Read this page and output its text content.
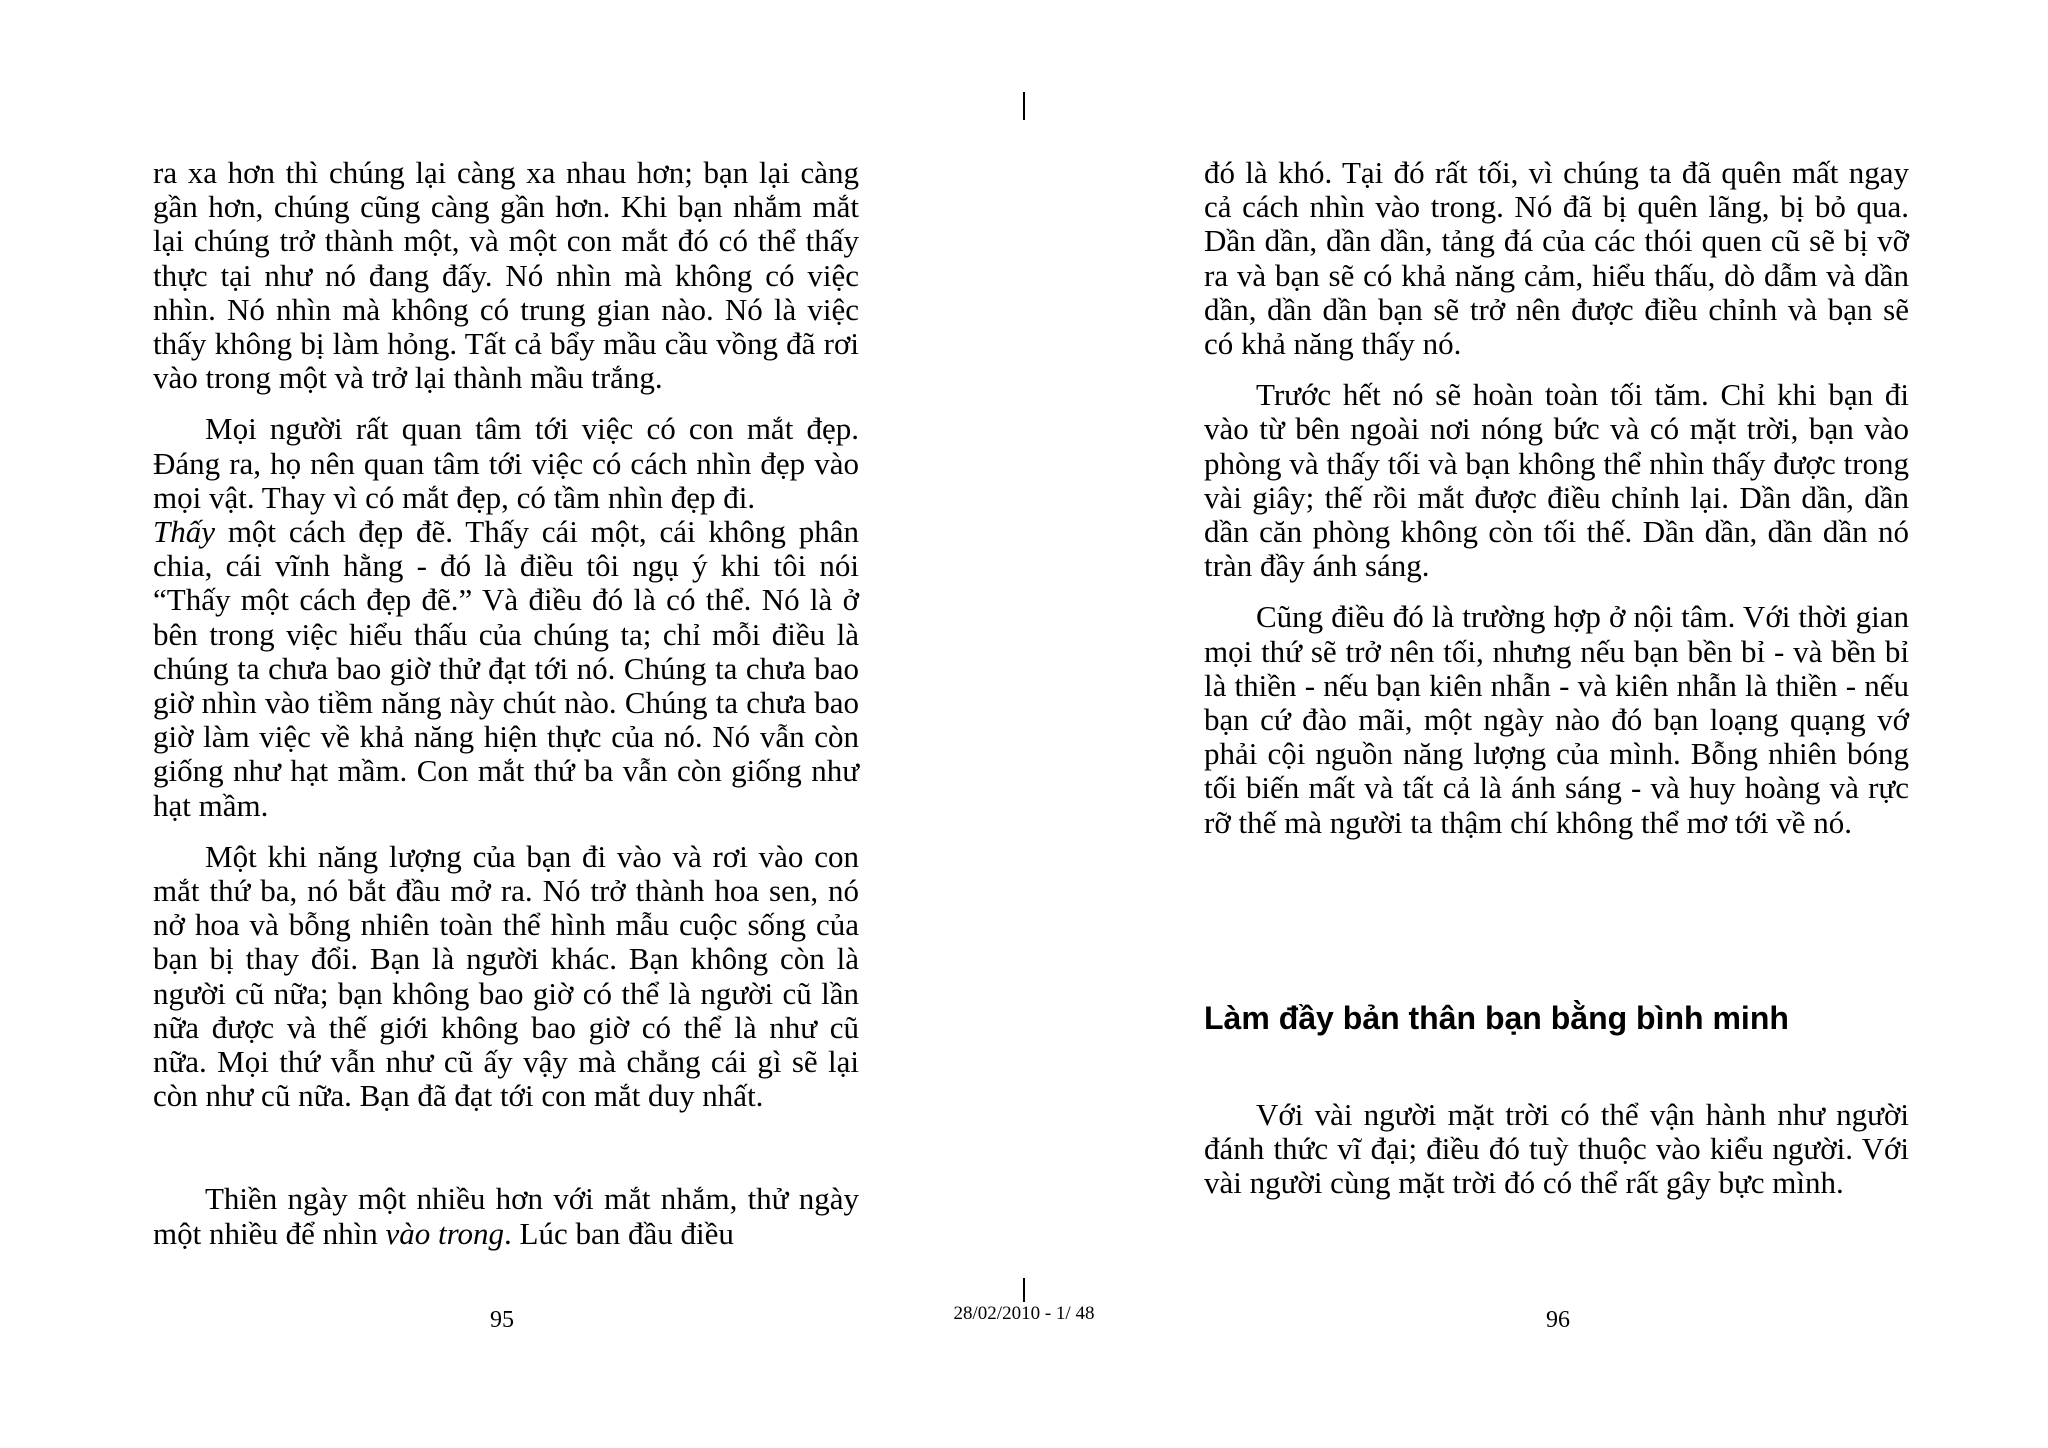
ra xa hơn thì chúng lại càng xa nhau hơn; bạn lại càng gần hơn, chúng cũng càng gần hơn. Khi bạn nhắm mắt lại chúng trở thành một, và một con mắt đó có thể thấy thực tại như nó đang đấy. Nó nhìn mà không có việc nhìn. Nó nhìn mà không có trung gian nào. Nó là việc thấy không bị làm hỏng. Tất cả bẩy mầu cầu vồng đã rơi vào trong một và trở lại thành mầu trắng.

Mọi người rất quan tâm tới việc có con mắt đẹp. Đáng ra, họ nên quan tâm tới việc có cách nhìn đẹp vào mọi vật. Thay vì có mắt đẹp, có tầm nhìn đẹp đi.
Thấy một cách đẹp đẽ. Thấy cái một, cái không phân chia, cái vĩnh hằng - đó là điều tôi ngụ ý khi tôi nói “Thấy một cách đẹp đẽ.” Và điều đó là có thể. Nó là ở bên trong việc hiểu thấu của chúng ta; chỉ mỗi điều là chúng ta chưa bao giờ thử đạt tới nó. Chúng ta chưa bao giờ nhìn vào tiềm năng này chút nào. Chúng ta chưa bao giờ làm việc về khả năng hiện thực của nó. Nó vẫn còn giống như hạt mầm. Con mắt thứ ba vẫn còn giống như hạt mầm.

Một khi năng lượng của bạn đi vào và rơi vào con mắt thứ ba, nó bắt đầu mở ra. Nó trở thành hoa sen, nó nở hoa và bỗng nhiên toàn thể hình mẫu cuộc sống của bạn bị thay đổi. Bạn là người khác. Bạn không còn là người cũ nữa; bạn không bao giờ có thể là người cũ lần nữa được và thế giới không bao giờ có thể là như cũ nữa. Mọi thứ vẫn như cũ ấy vậy mà chẳng cái gì sẽ lại còn như cũ nữa. Bạn đã đạt tới con mắt duy nhất.

Thiền ngày một nhiều hơn với mắt nhắm, thử ngày một nhiều để nhìn vào trong. Lúc ban đầu điều

95

đó là khó. Tại đó rất tối, vì chúng ta đã quên mất ngay cả cách nhìn vào trong. Nó đã bị quên lãng, bị bỏ qua. Dần dần, dần dần, tảng đá của các thói quen cũ sẽ bị vỡ ra và bạn sẽ có khả năng cảm, hiểu thấu, dò dẫm và dần dần, dần dần bạn sẽ trở nên được điều chỉnh và bạn sẽ có khả năng thấy nó.

Trước hết nó sẽ hoàn toàn tối tăm. Chỉ khi bạn đi vào từ bên ngoài nơi nóng bức và có mặt trời, bạn vào phòng và thấy tối và bạn không thể nhìn thấy được trong vài giây; thế rồi mắt được điều chỉnh lại. Dần dần, dần dần căn phòng không còn tối thế. Dần dần, dần dần nó tràn đầy ánh sáng.

Cũng điều đó là trường hợp ở nội tâm. Với thời gian mọi thứ sẽ trở nên tối, nhưng nếu bạn bền bỉ - và bền bỉ là thiền - nếu bạn kiên nhẫn - và kiên nhẫn là thiền - nếu bạn cứ đào mãi, một ngày nào đó bạn loạng quạng vớ phải cội nguồn năng lượng của mình. Bỗng nhiên bóng tối biến mất và tất cả là ánh sáng - và huy hoàng và rực rỡ thế mà người ta thậm chí không thể mơ tới về nó.

Làm đầy bản thân bạn bằng bình minh

Với vài người mặt trời có thể vận hành như người đánh thức vĩ đại; điều đó tuỳ thuộc vào kiểu người. Với vài người cùng mặt trời đó có thể rất gây bực mình.

96
28/02/2010 - 1/ 48
